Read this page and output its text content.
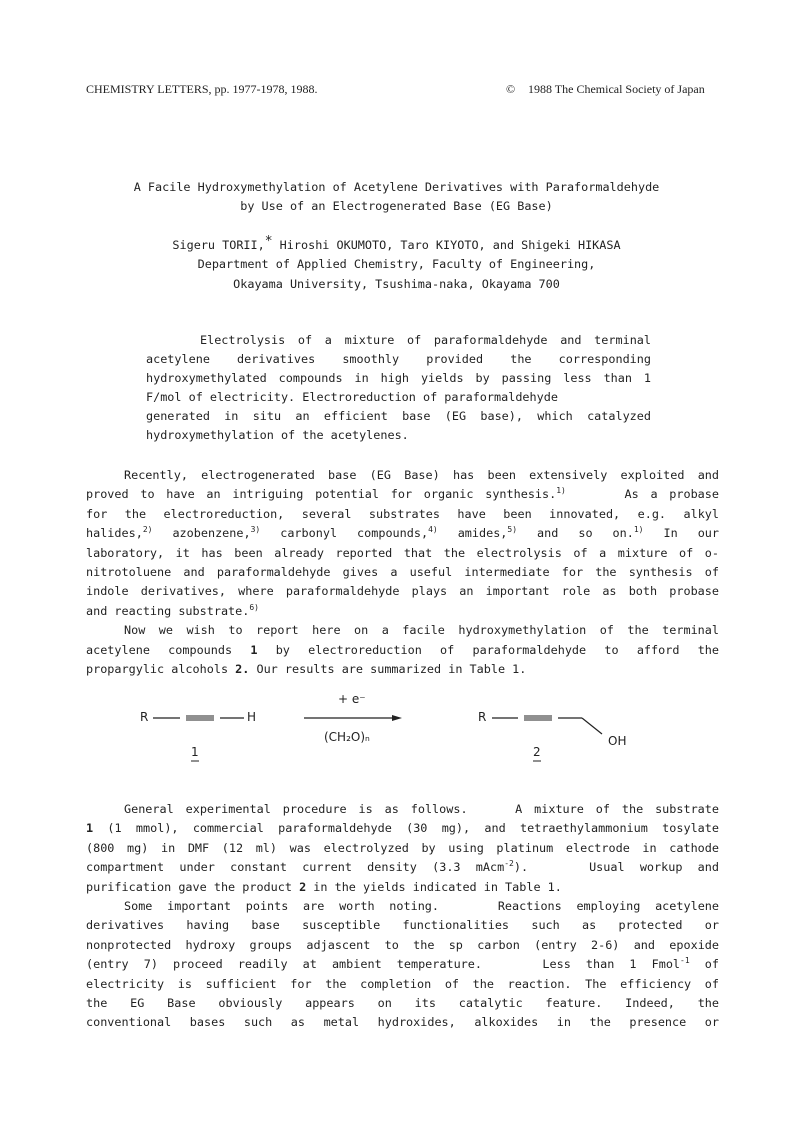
CHEMISTRY LETTERS, pp. 1977-1978, 1988.	© 1988 The Chemical Society of Japan
A Facile Hydroxymethylation of Acetylene Derivatives with Paraformaldehyde
by Use of an Electrogenerated Base (EG Base)
Sigeru TORII,* Hiroshi OKUMOTO, Taro KIYOTO, and Shigeki HIKASA
Department of Applied Chemistry, Faculty of Engineering,
Okayama University, Tsushima-naka, Okayama 700
Electrolysis of a mixture of paraformaldehyde and terminal
acetylene derivatives smoothly provided the corresponding
hydroxymethylated compounds in high yields by passing less than 1
F/mol of electricity. Electroreduction of paraformaldehyde
generated in situ an efficient base (EG base), which catalyzed
hydroxymethylation of the acetylenes.
Recently, electrogenerated base (EG Base) has been extensively exploited and
proved to have an intriguing potential for organic synthesis.$^{1)}$	As a probase
for the electroreduction, several substrates have been innovated, e.g. alkyl
halides,$^{2)}$ azobenzene,$^{3)}$ carbonyl compounds,$^{4)}$ amides,$^{5)}$ and so on.$^{1)}$ In our
laboratory, it has been already reported that the electrolysis of a mixture of o-
nitrotoluene and paraformaldehyde gives a useful intermediate for the synthesis of
indole derivatives, where paraformaldehyde plays an important role as both probase
and reacting substrate.$^{6)}$
Now we wish to report here on a facile hydroxymethylation of the terminal
acetylene compounds 1 by electroreduction of paraformaldehyde to afford the
propargylic alcohols 2. Our results are summarized in Table 1.
R	H
+ e⁻
(CH₂O)ₙ
R
OH
1	2
General experimental procedure is as follows.	A mixture of the substrate
1 (1 mmol), commercial paraformaldehyde (30 mg), and tetraethylammonium tosylate
(800 mg) in DMF (12 ml) was electrolyzed by using platinum electrode in cathode
compartment under constant current density (3.3 mAcm$^{-2}$).	Usual workup and
purification gave the product 2 in the yields indicated in Table 1.
Some important points are worth noting.	Reactions employing acetylene
derivatives having base susceptible functionalities such as protected or
nonprotected hydroxy groups adjascent to the sp carbon (entry 2-6) and epoxide
(entry 7) proceed readily at ambient temperature.	Less than 1 Fmol$^{-1}$ of
electricity is sufficient for the completion of the reaction. The efficiency of
the EG Base obviously appears on its catalytic feature. Indeed, the
conventional bases such as metal hydroxides, alkoxides in the presence or
